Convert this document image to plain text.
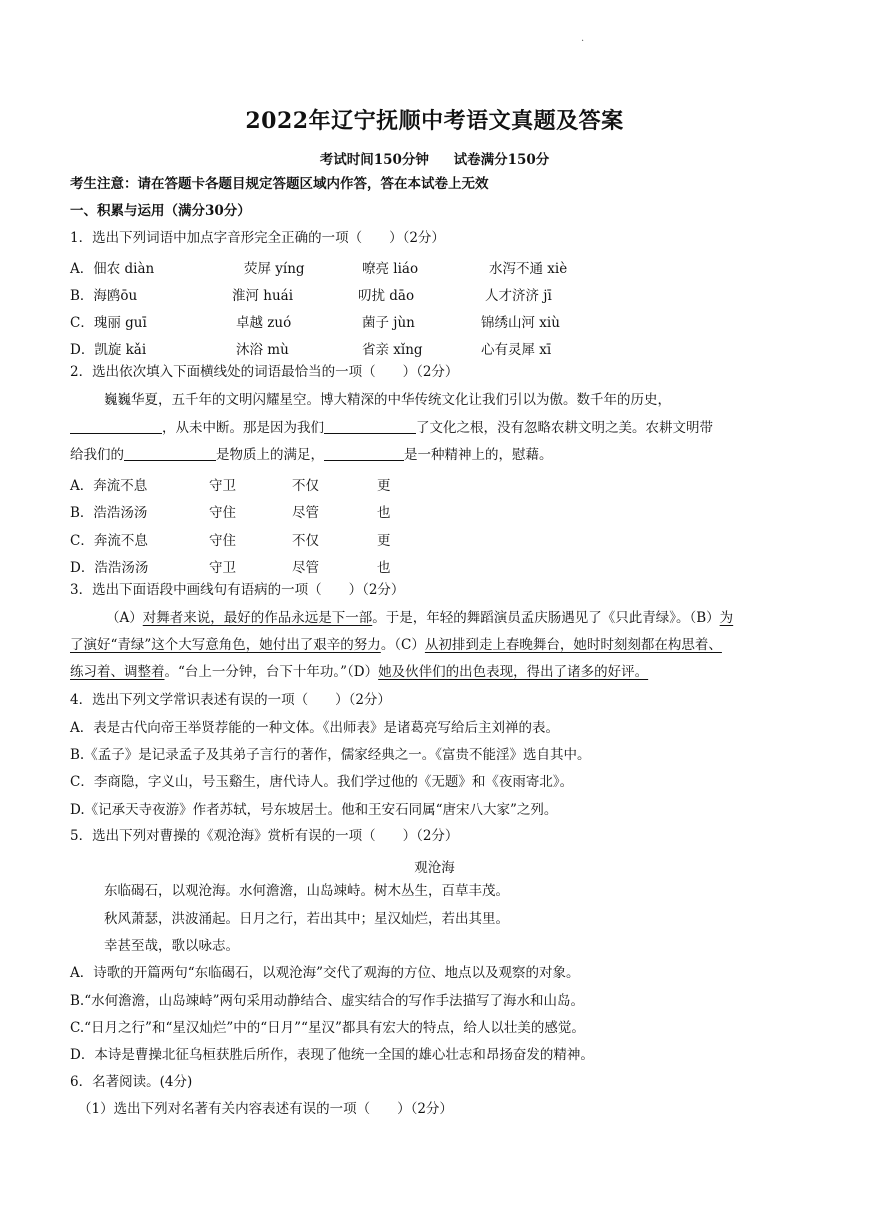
·
2022年辽宁抚顺中考语文真题及答案
考试时间150分钟 试卷满分150分
考生注意：请在答题卡各题目规定答题区域内作答，答在本试卷上无效
一、积累与运用（满分30分）
1．选出下列词语中加点字音形完全正确的一项（　　）（2分）
A．佃农 diàn	荧屏 yíng	嘹亮 liáo	水泻不通 xiè
B．海鸥ōu	淮河 huái	叨扰 dāo	人才济济 jī
C．瑰丽 guī	卓越 zuó	菌子 jùn	锦绣山河 xiù
D．凯旋 kǎi	沐浴 mù	省亲 xǐng	心有灵犀 xī
2．选出依次填入下面横线处的词语最恰当的一项（　　）（2分）
巍巍华夏，五千年的文明闪耀星空。博大精深的中华传统文化让我们引以为傲。数千年的历史，
，从未中断。那是因为我们	了文化之根，没有忽略农耕文明之美。农耕文明带
给我们的	是物质上的满足，	是一种精神上的，慰藉。
A．奔流不息	守卫	不仅	更
B．浩浩汤汤	守住	尽管	也
C．奔流不息	守住	不仅	更
D．浩浩汤汤	守卫	尽管	也
3．选出下面语段中画线句有语病的一项（　　）（2分）
（A）对舞者来说，最好的作品永远是下一部。于是，年轻的舞蹈演员孟庆肠遇见了《只此青绿》。（B）为
了演好“青绿”这个大写意角色，她付出了艰辛的努力。（C）从初排到走上春晚舞台，她时时刻刻都在构思着、
练习着、调整着。“台上一分钟，台下十年功。”（D）她及伙伴们的出色表现，得出了诸多的好评。
4．选出下列文学常识表述有误的一项（　　）（2分）
A．表是古代向帝王举贤荐能的一种文体。《出师表》是诸葛亮写给后主刘禅的表。
B.《孟子》是记录孟子及其弟子言行的著作，儒家经典之一。《富贵不能淫》选自其中。
C．李商隐，字义山，号玉谿生，唐代诗人。我们学过他的《无题》和《夜雨寄北》。
D.《记承天寺夜游》作者苏轼，号东坡居士。他和王安石同属“唐宋八大家”之列。
5．选出下列对曹操的《观沧海》赏析有误的一项（　　）（2分）
观沧海
东临碣石，以观沧海。水何澹澹，山岛竦峙。树木丛生，百草丰茂。
秋风萧瑟，洪波涌起。日月之行，若出其中；星汉灿烂，若出其里。
幸甚至哉，歌以咏志。
A．诗歌的开篇两句“东临碣石，以观沧海”交代了观海的方位、地点以及观察的对象。
B.“水何澹澹，山岛竦峙”两句采用动静结合、虚实结合的写作手法描写了海水和山岛。
C.“日月之行”和“星汉灿烂”中的“日月”“星汉”都具有宏大的特点，给人以壮美的感觉。
D．本诗是曹操北征乌桓获胜后所作，表现了他统一全国的雄心壮志和昂扬奋发的精神。
6．名著阅读。(4分)
（1）选出下列对名著有关内容表述有误的一项（　　）（2分）
